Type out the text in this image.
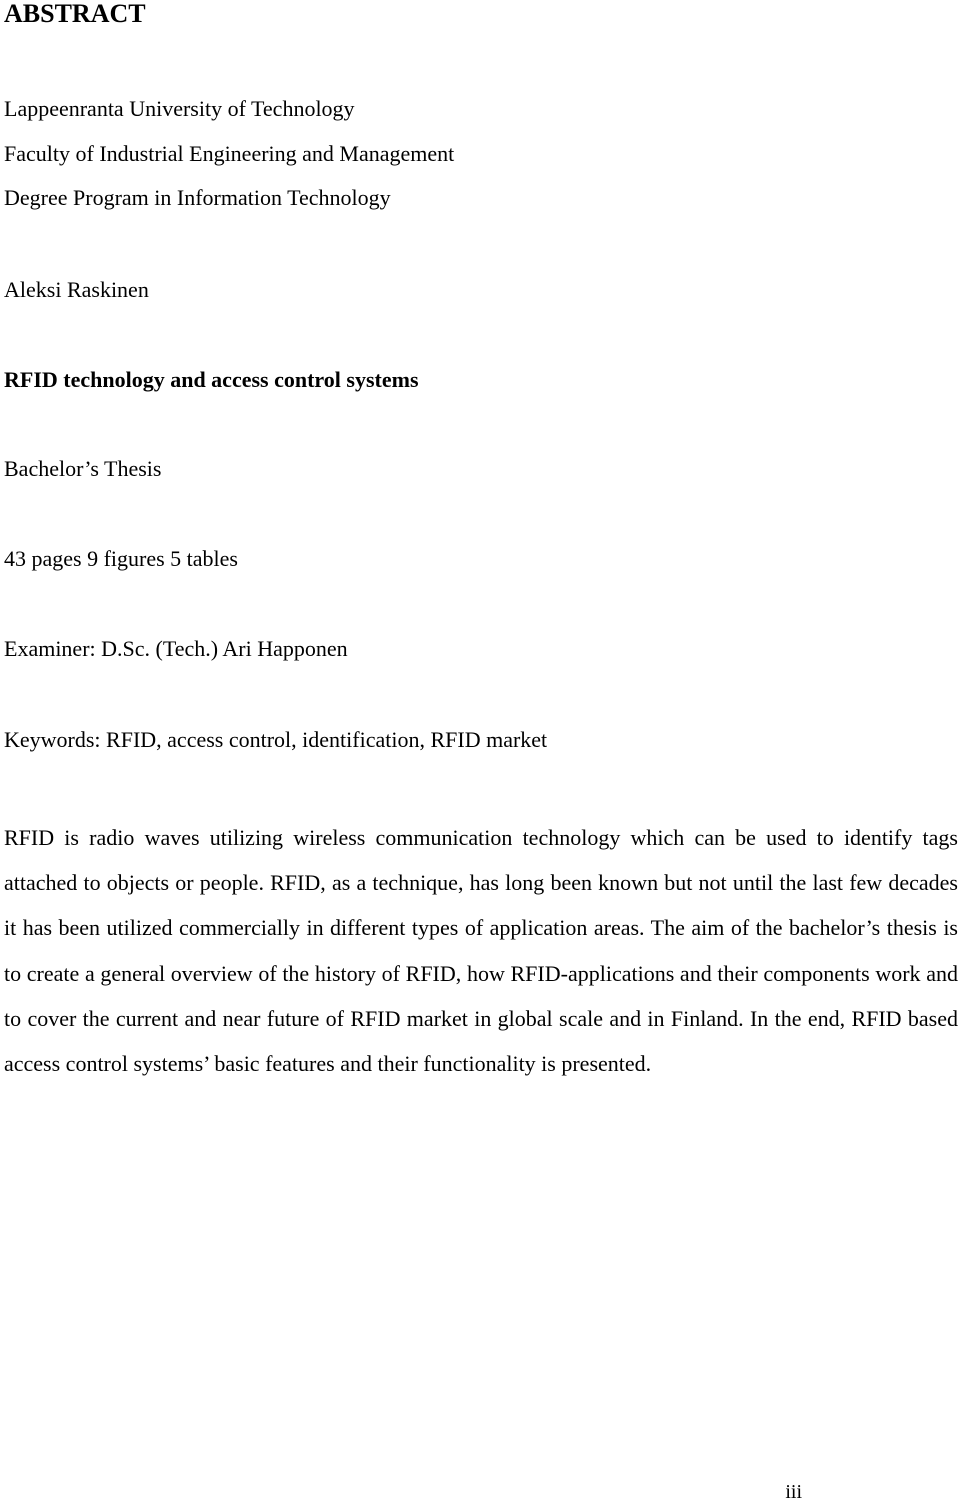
ABSTRACT

Lappeenranta University of Technology

Faculty of Industrial Engineering and Management

Degree Program in Information Technology

Aleksi Raskinen

RFID technology and access control systems

Bachelor’s Thesis

43 pages 9 figures 5 tables

Examiner: D.Sc. (Tech.) Ari Happonen

Keywords: RFID, access control, identification, RFID market

RFID is radio waves utilizing wireless communication technology which can be used to identify tags attached to objects or people. RFID, as a technique, has long been known but not until the last few decades it has been utilized commercially in different types of application areas. The aim of the bachelor’s thesis is to create a general overview of the history of RFID, how RFID-applications and their components work and to cover the current and near future of RFID market in global scale and in Finland. In the end, RFID based access control systems’ basic features and their functionality is presented.

iii
